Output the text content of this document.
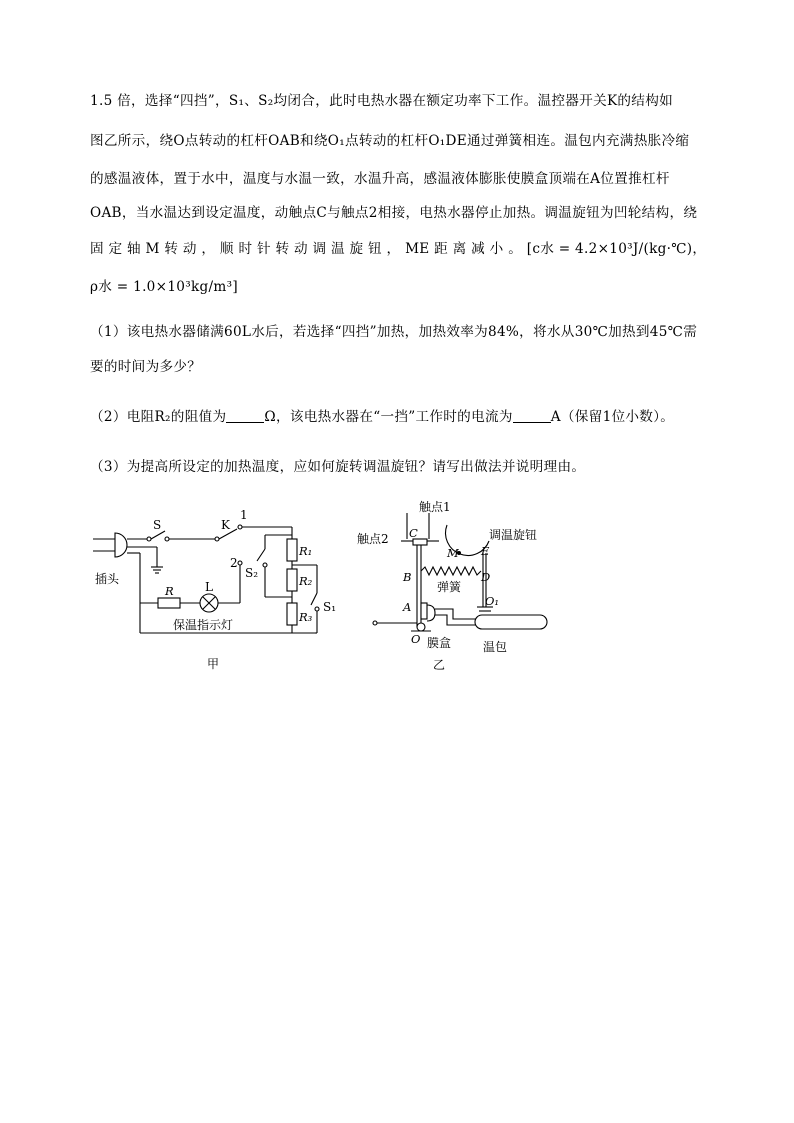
1.5 倍，选择“四挡”，S₁、S₂均闭合，此时电热水器在额定功率下工作。温控器开关K的结构如
图乙所示，绕O点转动的杠杆OAB和绕O₁点转动的杠杆O₁DE通过弹簧相连。温包内充满热胀冷缩
的感温液体，置于水中，温度与水温一致，水温升高，感温液体膨胀使膜盒顶端在A位置推杠杆
OAB，当水温达到设定温度，动触点C与触点2相接，电热水器停止加热。调温旋钮为凹轮结构，绕
固 定 轴 M 转 动 ， 顺 时 针 转 动 调 温 旋 钮 ， ME 距 离 减 小 。 [c水 = 4.2×10³J/(kg·℃)，
ρ水 = 1.0×10³kg/m³]
（1）该电热水器储满60L水后，若选择“四挡”加热，加热效率为84%，将水从30℃加热到45℃需
要的时间为多少？
（2）电阻R₂的阻值为	Ω，该电热水器在“一挡”工作时的电流为	A（保留1位小数）。
（3）为提高所设定的加热温度，应如何旋转调温旋钮？请写出做法并说明理由。
插头
S	K
1
2
R	L
保温指示灯
S₂
R₁
R₂
R₃
S₁
甲
触点1
触点2 C	调温旋钮
M E
B	D
弹簧
A	O₁
O 膜盒	温包
乙
